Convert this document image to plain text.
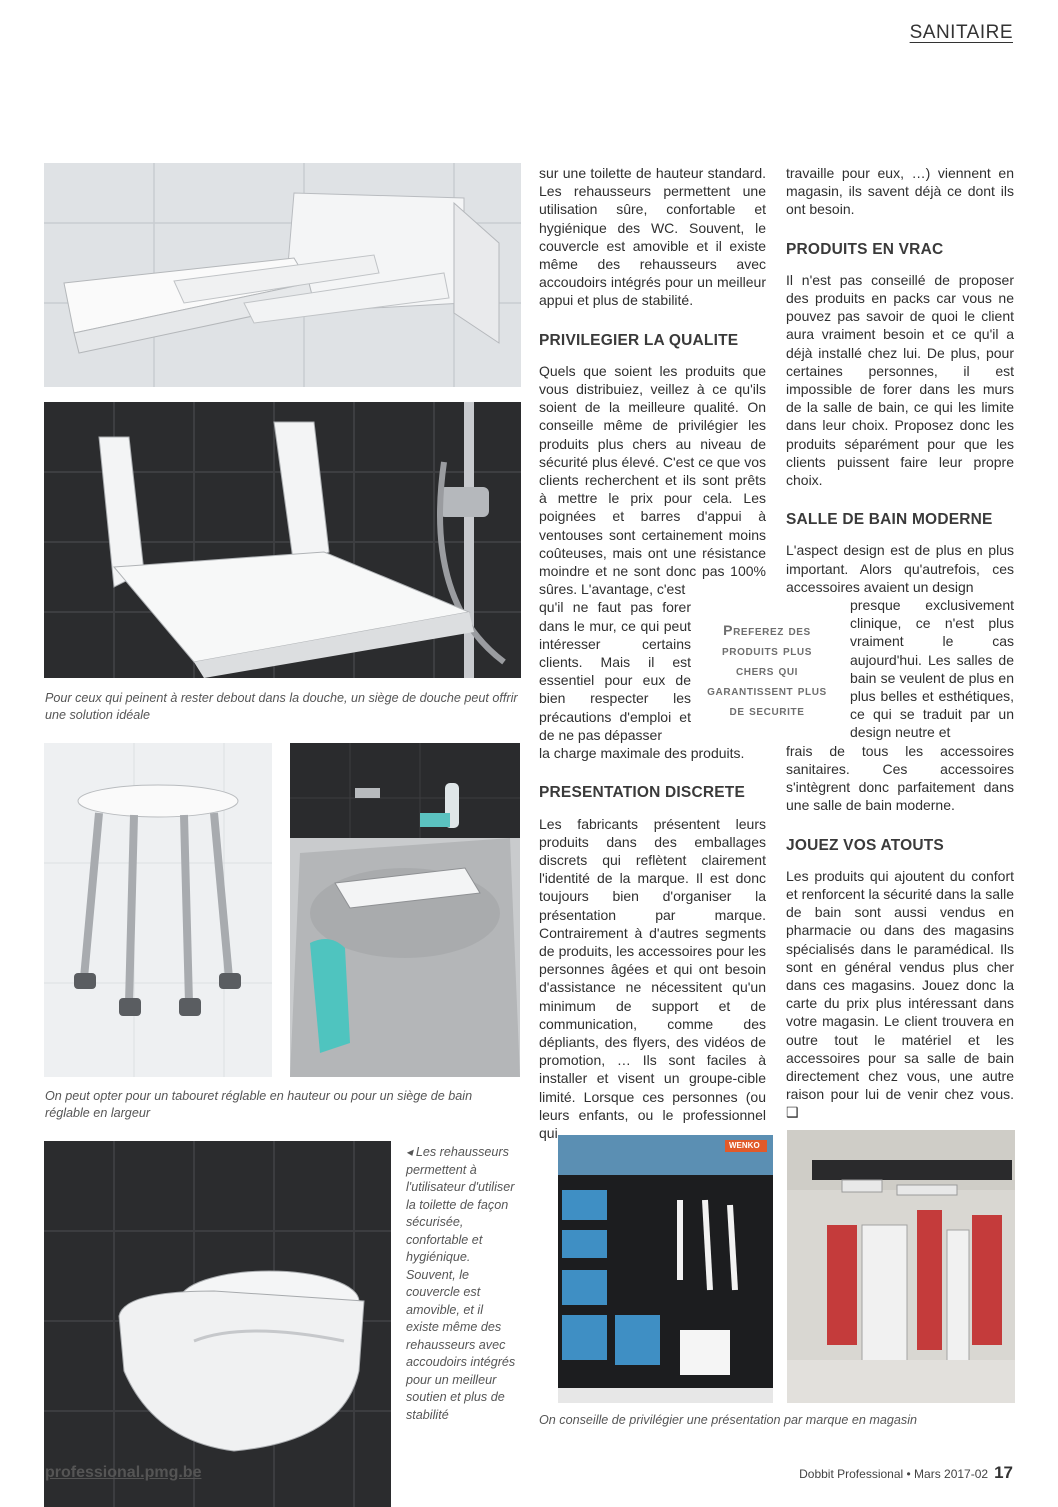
SANITAIRE
Pour ceux qui peinent à rester debout dans la douche, un siège de douche peut offrir une solution idéale
On peut opter pour un tabouret réglable en hauteur ou pour un siège de bain réglable en largeur
◂ Les rehausseurs permettent à l'utilisateur d'utiliser la toilette de façon sécurisée, confortable et hygiénique. Souvent, le couvercle est amovible, et il existe même des rehausseurs avec accoudoirs intégrés pour un meilleur soutien et plus de stabilité
WENKO
On conseille de privilégier une présentation par marque en magasin

sur une toilette de hauteur standard. Les rehausseurs permettent une utilisation sûre, confortable et hygiénique des WC. Souvent, le couvercle est amovible et il existe même des rehausseurs avec accoudoirs intégrés pour un meilleur appui et plus de stabilité.

PRIVILEGIER LA QUALITE

Quels que soient les produits que vous distribuiez, veillez à ce qu'ils soient de la meilleure qualité. On conseille même de privilégier les produits plus chers au niveau de sécurité plus élevé. C'est ce que vos clients recherchent et ils sont prêts à mettre le prix pour cela. Les poignées et barres d'appui à ventouses sont certainement moins coûteuses, mais ont une résistance moindre et ne sont donc pas 100% sûres. L'avantage, c'est

qu'il ne faut pas forer dans le mur, ce qui peut intéresser certains clients. Mais il est essentiel pour eux de bien respecter les précautions d'emploi et de ne pas dépasser

la charge maximale des produits.

PRESENTATION DISCRETE

Les fabricants présentent leurs produits dans des emballages discrets qui reflètent clairement l'identité de la marque. Il est donc toujours bien d'organiser la présentation par marque. Contrairement à d'autres segments de produits, les accessoires pour les personnes âgées et qui ont besoin d'assistance ne nécessitent qu'un minimum de support et de communication, comme des dépliants, des flyers, des vidéos de promotion, … Ils sont faciles à installer et visent un groupe-cible limité. Lorsque ces personnes (ou leurs enfants, ou le professionnel qui

Preferez des produits plus chers qui garantissent plus de securite

travaille pour eux, …) viennent en magasin, ils savent déjà ce dont ils ont besoin.

PRODUITS EN VRAC

Il n'est pas conseillé de proposer des produits en packs car vous ne pouvez pas savoir de quoi le client aura vraiment besoin et ce qu'il a déjà installé chez lui. De plus, pour certaines personnes, il est impossible de forer dans les murs de la salle de bain, ce qui les limite dans leur choix. Proposez donc les produits séparément pour que les clients puissent faire leur propre choix.

SALLE DE BAIN MODERNE

L'aspect design est de plus en plus important. Alors qu'autrefois, ces accessoires avaient un design

presque exclusivement clinique, ce n'est plus vraiment le cas aujourd'hui. Les salles de bain se veulent de plus en plus belles et esthétiques, ce qui se traduit par un design neutre et

frais de tous les accessoires sanitaires. Ces accessoires s'intègrent donc parfaitement dans une salle de bain moderne.

JOUEZ VOS ATOUTS

Les produits qui ajoutent du confort et renforcent la sécurité dans la salle de bain sont aussi vendus en pharmacie ou dans des magasins spécialisés dans le paramédical. Ils sont en général vendus plus cher dans ces magasins. Jouez donc la carte du prix plus intéressant dans votre magasin. Le client trouvera en outre tout le matériel et les accessoires pour sa salle de bain directement chez vous, une autre raison pour lui de venir chez vous. ❑

professional.pmg.be	Dobbit Professional • Mars 2017-02 17
